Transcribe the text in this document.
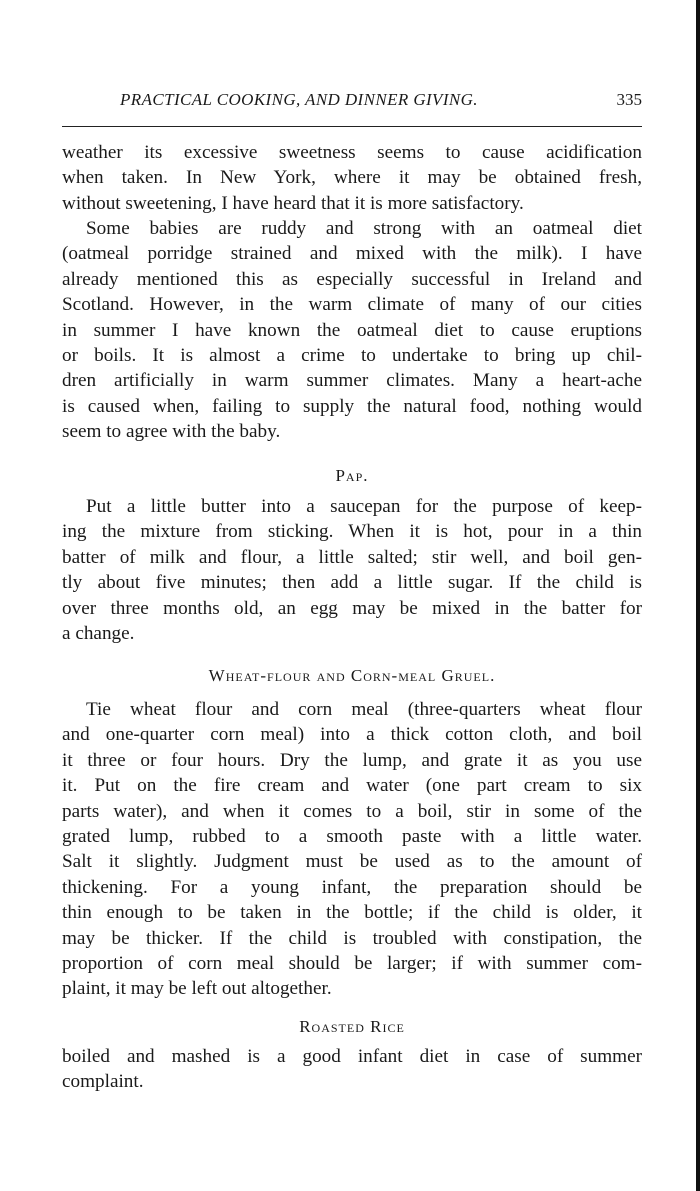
PRACTICAL COOKING, AND DINNER GIVING.	335
weather its excessive sweetness seems to cause acidification
when taken. In New York, where it may be obtained fresh,
without sweetening, I have heard that it is more satisfactory.
Some babies are ruddy and strong with an oatmeal diet
(oatmeal porridge strained and mixed with the milk). I have
already mentioned this as especially successful in Ireland and
Scotland. However, in the warm climate of many of our cities
in summer I have known the oatmeal diet to cause eruptions
or boils. It is almost a crime to undertake to bring up chil-
dren artificially in warm summer climates. Many a heart-ache
is caused when, failing to supply the natural food, nothing would
seem to agree with the baby.
Pap.
Put a little butter into a saucepan for the purpose of keep-
ing the mixture from sticking. When it is hot, pour in a thin
batter of milk and flour, a little salted; stir well, and boil gen-
tly about five minutes; then add a little sugar. If the child is
over three months old, an egg may be mixed in the batter for
a change.
Wheat-flour and Corn-meal Gruel.
Tie wheat flour and corn meal (three-quarters wheat flour
and one-quarter corn meal) into a thick cotton cloth, and boil
it three or four hours. Dry the lump, and grate it as you use
it. Put on the fire cream and water (one part cream to six
parts water), and when it comes to a boil, stir in some of the
grated lump, rubbed to a smooth paste with a little water.
Salt it slightly. Judgment must be used as to the amount of
thickening. For a young infant, the preparation should be
thin enough to be taken in the bottle; if the child is older, it
may be thicker. If the child is troubled with constipation, the
proportion of corn meal should be larger; if with summer com-
plaint, it may be left out altogether.
Roasted Rice
boiled and mashed is a good infant diet in case of summer
complaint.
